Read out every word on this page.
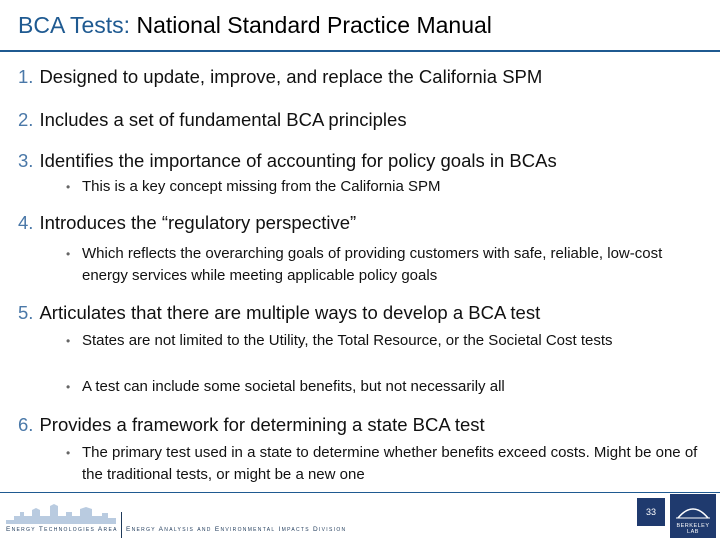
BCA Tests: National Standard Practice Manual
1. Designed to update, improve, and replace the California SPM
2. Includes a set of fundamental BCA principles
3. Identifies the importance of accounting for policy goals in BCAs
• This is a key concept missing from the California SPM
4. Introduces the “regulatory perspective”
• Which reflects the overarching goals of providing customers with safe, reliable, low-cost energy services while meeting applicable policy goals
5. Articulates that there are multiple ways to develop a BCA test
• States are not limited to the Utility, the Total Resource, or the Societal Cost tests
• A test can include some societal benefits, but not necessarily all
6. Provides a framework for determining a state BCA test
• The primary test used in a state to determine whether benefits exceed costs. Might be one of the traditional tests, or might be a new one
Energy Technologies Area Energy Analysis and Environmental Impacts Division
33
BERKELEY LAB
